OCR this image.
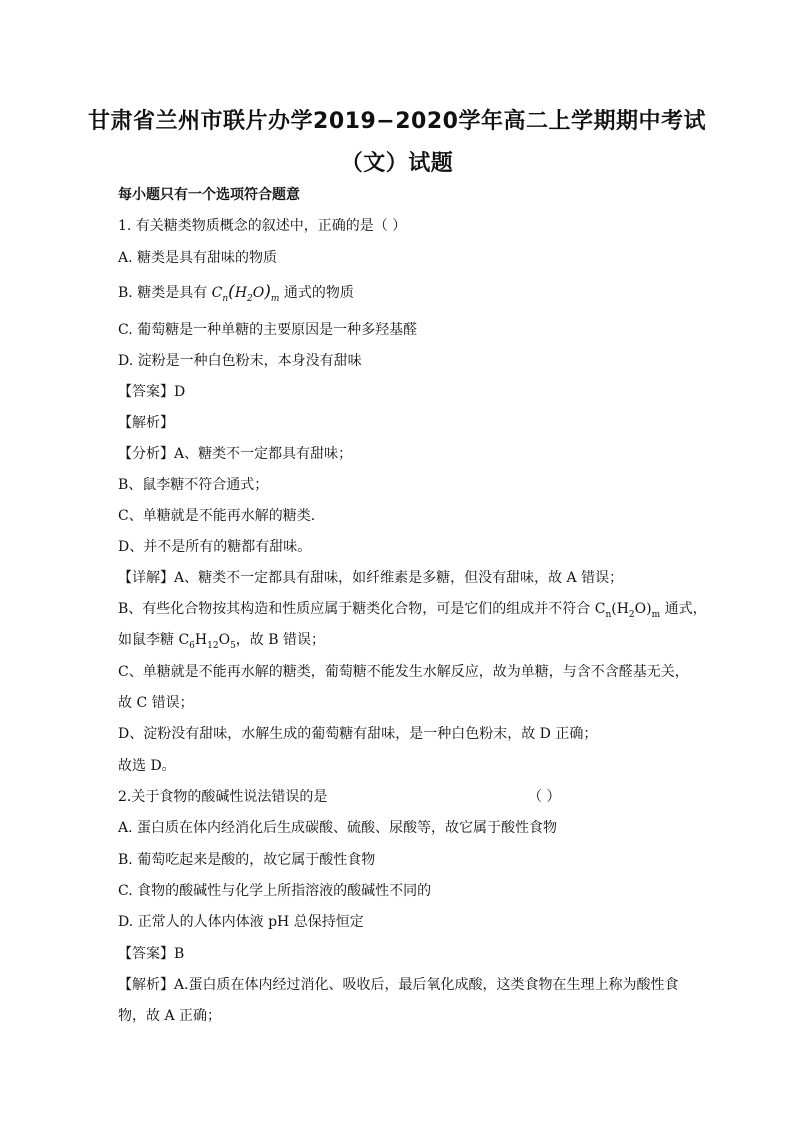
甘肃省兰州市联片办学2019−2020学年高二上学期期中考试
（文）试题
每小题只有一个选项符合题意
1. 有关糖类物质概念的叙述中，正确的是（ ）
A. 糖类是具有甜味的物质
B. 糖类是具有 $C_n(H_2O)_m$ 通式的物质
C. 葡萄糖是一种单糖的主要原因是一种多羟基醛
D. 淀粉是一种白色粉末，本身没有甜味
【答案】D
【解析】
【分析】A、糖类不一定都具有甜味；
B、鼠李糖不符合通式；
C、单糖就是不能再水解的糖类．
D、并不是所有的糖都有甜味。
【详解】A、糖类不一定都具有甜味，如纤维素是多糖，但没有甜味，故 A 错误；
B、有些化合物按其构造和性质应属于糖类化合物，可是它们的组成并不符合 $C_n(H_2O)_m$ 通式，
如鼠李糖 $C_6H_{12}O_5$，故 B 错误；
C、单糖就是不能再水解的糖类，葡萄糖不能发生水解反应，故为单糖，与含不含醛基无关，
故 C 错误；
D、淀粉没有甜味，水解生成的葡萄糖有甜味，是一种白色粉末，故 D 正确；
故选 D。
2.关于食物的酸碱性说法错误的是	（ ）
A. 蛋白质在体内经消化后生成碳酸、硫酸、尿酸等，故它属于酸性食物
B. 葡萄吃起来是酸的，故它属于酸性食物
C. 食物的酸碱性与化学上所指溶液的酸碱性不同的
D. 正常人的人体内体液 pH 总保持恒定
【答案】B
【解析】A.蛋白质在体内经过消化、吸收后，最后氧化成酸，这类食物在生理上称为酸性食
物，故 A 正确；
